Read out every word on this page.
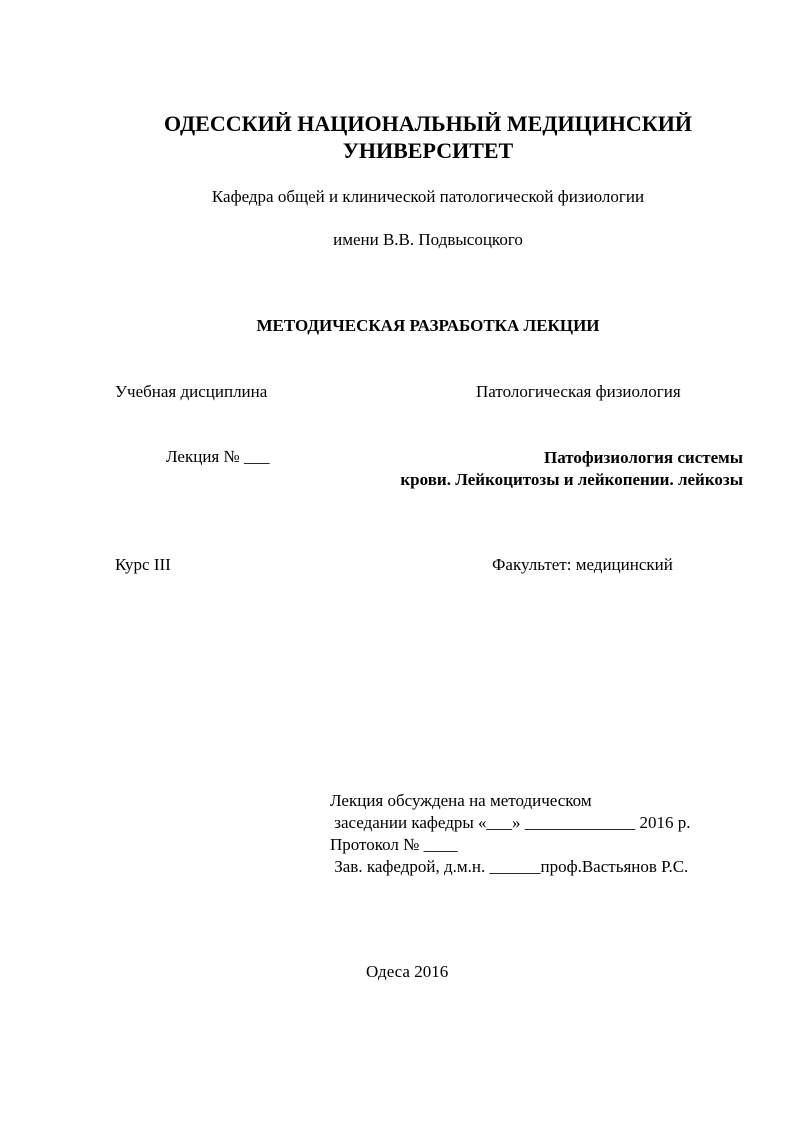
ОДЕССКИЙ НАЦИОНАЛЬНЫЙ МЕДИЦИНСКИЙ
УНИВЕРСИТЕТ
Кафедра общей и клинической патологической физиологии
имени В.В. Подвысоцкого
МЕТОДИЧЕСКАЯ РАЗРАБОТКА ЛЕКЦИИ
Учебная дисциплина	Патологическая физиология
Лекция № ___	Патофизиология системы
крови. Лейкоцитозы и лейкопении. лейкозы
Курс III	Факультет: медицинский
Лекция обсуждена на методическом
заседании кафедры «___» _____________ 2016 р.
Протокол № ____
Зав. кафедрой, д.м.н. ______проф.Вастьянов Р.С.
Одеса 2016
